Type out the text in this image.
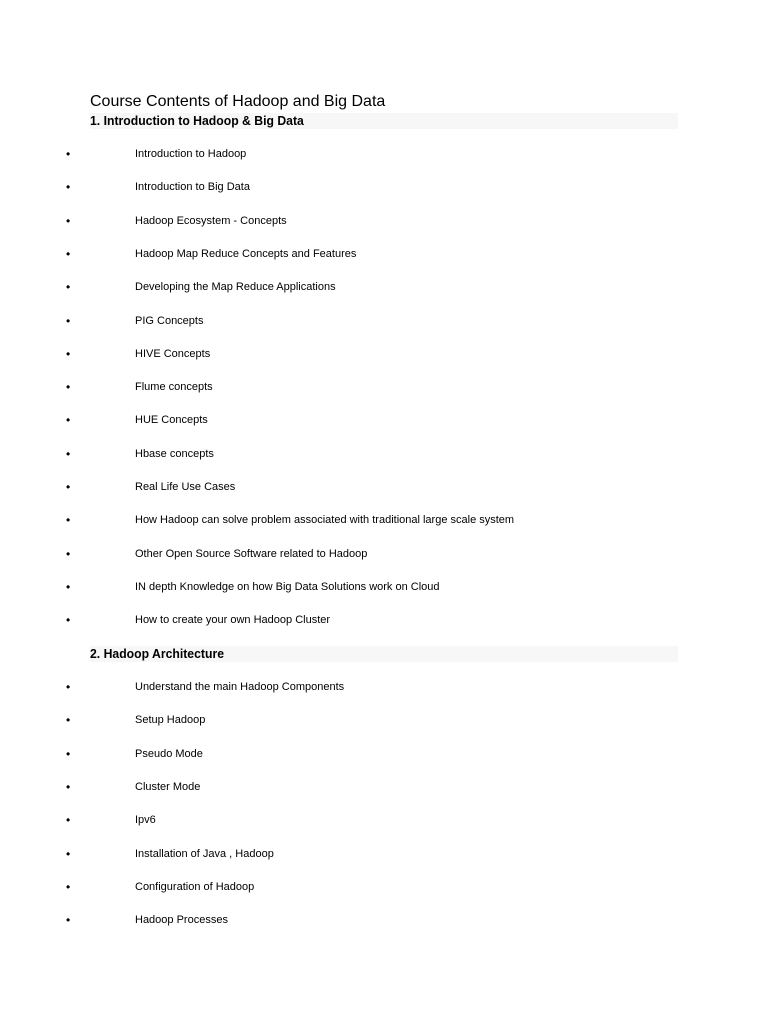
Course Contents of Hadoop and Big Data
1. Introduction to Hadoop & Big Data
2. Hadoop Architecture
•	Introduction to Hadoop
•	Introduction to Big Data
•	Hadoop Ecosystem - Concepts
•	Hadoop Map Reduce Concepts and Features
•	Developing the Map Reduce Applications
•	PIG Concepts
•	HIVE Concepts
•	Flume concepts
•	HUE Concepts
•	Hbase concepts
•	Real Life Use Cases
•	How Hadoop can solve problem associated with traditional large scale system
•	Other Open Source Software related to Hadoop
•	IN depth Knowledge on how Big Data Solutions work on Cloud
•	How to create your own Hadoop Cluster
•	Understand the main Hadoop Components
•	Setup Hadoop
•	Pseudo Mode
•	Cluster Mode
•	Ipv6
•	Installation of Java , Hadoop
•	Configuration of Hadoop
•	Hadoop Processes
